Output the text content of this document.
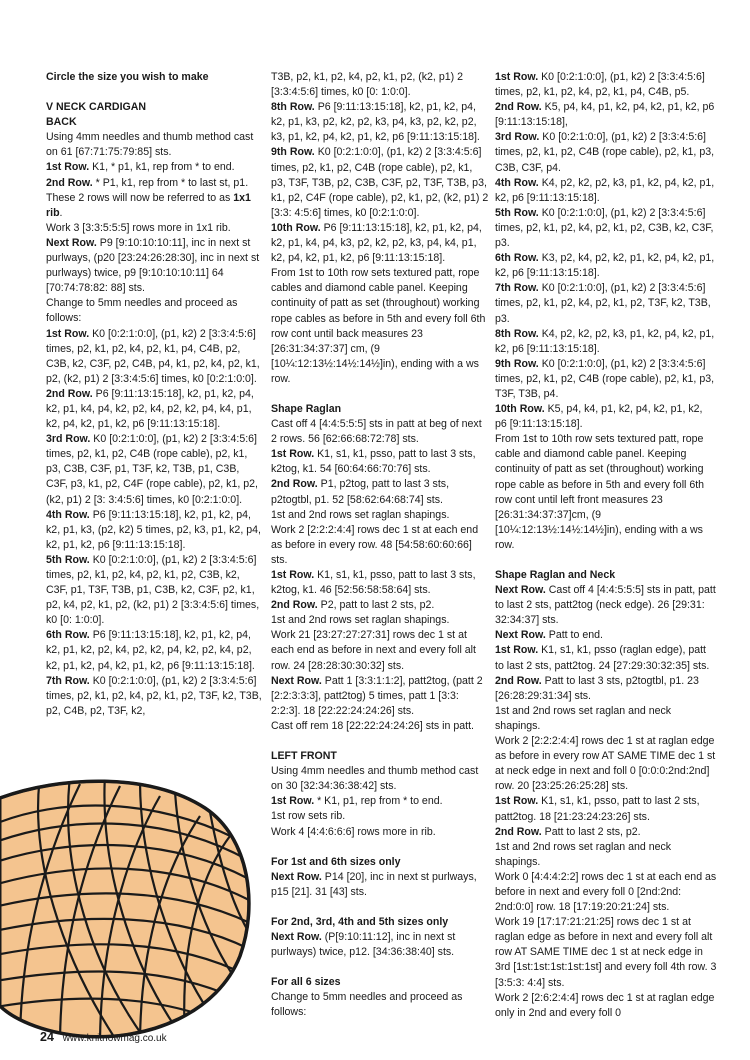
Circle the size you wish to make

V NECK CARDIGAN

BACK

Using 4mm needles and thumb method cast on 61 [67:71:75:79:85] sts.

1st Row. K1, * p1, k1, rep from * to end.

2nd Row. * P1, k1, rep from * to last st, p1.

These 2 rows will now be referred to as 1x1 rib.

Work 3 [3:3:5:5:5] rows more in 1x1 rib.

Next Row. P9 [9:10:10:10:11], inc in next st purlways, (p20 [23:24:26:28:30], inc in next st purlways) twice, p9 [9:10:10:10:11] 64 [70:74:78:82: 88] sts.

Change to 5mm needles and proceed as follows:

1st Row. K0 [0:2:1:0:0], (p1, k2) 2 [3:3:4:5:6] times, p2, k1, p2, k4, p2, k1, p4, C4B, p2, C3B, k2, C3F, p2, C4B, p4, k1, p2, k4, p2, k1, p2, (k2, p1) 2 [3:3:4:5:6] times, k0 [0:2:1:0:0].

2nd Row. P6 [9:11:13:15:18], k2, p1, k2, p4, k2, p1, k4, p4, k2, p2, k4, p2, k2, p4, k4, p1, k2, p4, k2, p1, k2, p6 [9:11:13:15:18].

3rd Row. K0 [0:2:1:0:0], (p1, k2) 2 [3:3:4:5:6] times, p2, k1, p2, C4B (rope cable), p2, k1, p3, C3B, C3F, p1, T3F, k2, T3B, p1, C3B, C3F, p3, k1, p2, C4F (rope cable), p2, k1, p2, (k2, p1) 2 [3: 3:4:5:6] times, k0 [0:2:1:0:0].

4th Row. P6 [9:11:13:15:18], k2, p1, k2, p4, k2, p1, k3, (p2, k2) 5 times, p2, k3, p1, k2, p4, k2, p1, k2, p6 [9:11:13:15:18].

5th Row. K0 [0:2:1:0:0], (p1, k2) 2 [3:3:4:5:6] times, p2, k1, p2, k4, p2, k1, p2, C3B, k2, C3F, p1, T3F, T3B, p1, C3B, k2, C3F, p2, k1, p2, k4, p2, k1, p2, (k2, p1) 2 [3:3:4:5:6] times, k0 [0: 1:0:0].

6th Row. P6 [9:11:13:15:18], k2, p1, k2, p4, k2, p1, k2, p2, k4, p2, k2, p4, k2, p2, k4, p2, k2, p1, k2, p4, k2, p1, k2, p6 [9:11:13:15:18].

7th Row. K0 [0:2:1:0:0], (p1, k2) 2 [3:3:4:5:6] times, p2, k1, p2, k4, p2, k1, p2, T3F, k2, T3B, p2, C4B, p2, T3F, k2,

T3B, p2, k1, p2, k4, p2, k1, p2, (k2, p1) 2 [3:3:4:5:6] times, k0 [0: 1:0:0].

8th Row. P6 [9:11:13:15:18], k2, p1, k2, p4, k2, p1, k3, p2, k2, p2, k3, p4, k3, p2, k2, p2, k3, p1, k2, p4, k2, p1, k2, p6 [9:11:13:15:18].

9th Row. K0 [0:2:1:0:0], (p1, k2) 2 [3:3:4:5:6] times, p2, k1, p2, C4B (rope cable), p2, k1, p3, T3F, T3B, p2, C3B, C3F, p2, T3F, T3B, p3, k1, p2, C4F (rope cable), p2, k1, p2, (k2, p1) 2 [3:3: 4:5:6] times, k0 [0:2:1:0:0].

10th Row. P6 [9:11:13:15:18], k2, p1, k2, p4, k2, p1, k4, p4, k3, p2, k2, p2, k3, p4, k4, p1, k2, p4, k2, p1, k2, p6 [9:11:13:15:18].

From 1st to 10th row sets textured patt, rope cables and diamond cable panel. Keeping continuity of patt as set (throughout) working rope cables as before in 5th and every foll 6th row cont until back measures 23 [26:31:34:37:37] cm, (9 [10¼:12:13½:14½:14½]in), ending with a ws row.

Shape Raglan

Cast off 4 [4:4:5:5:5] sts in patt at beg of next 2 rows. 56 [62:66:68:72:78] sts.

1st Row. K1, s1, k1, psso, patt to last 3 sts, k2tog, k1. 54 [60:64:66:70:76] sts.

2nd Row. P1, p2tog, patt to last 3 sts, p2togtbl, p1. 52 [58:62:64:68:74] sts.

1st and 2nd rows set raglan shapings.

Work 2 [2:2:2:4:4] rows dec 1 st at each end as before in every row. 48 [54:58:60:60:66] sts.

1st Row. K1, s1, k1, psso, patt to last 3 sts, k2tog, k1. 46 [52:56:58:58:64] sts.

2nd Row. P2, patt to last 2 sts, p2.

1st and 2nd rows set raglan shapings.

Work 21 [23:27:27:27:31] rows dec 1 st at each end as before in next and every foll alt row. 24 [28:28:30:30:32] sts.

Next Row. Patt 1 [3:3:1:1:2], patt2tog, (patt 2 [2:2:3:3:3], patt2tog) 5 times, patt 1 [3:3: 2:2:3]. 18 [22:22:24:24:26] sts.

Cast off rem 18 [22:22:24:24:26] sts in patt.

LEFT FRONT

Using 4mm needles and thumb method cast on 30 [32:34:36:38:42] sts.

1st Row. * K1, p1, rep from * to end.

1st row sets rib.

Work 4 [4:4:6:6:6] rows more in rib.

For 1st and 6th sizes only

Next Row. P14 [20], inc in next st purlways, p15 [21]. 31 [43] sts.

For 2nd, 3rd, 4th and 5th sizes only

Next Row. (P[9:10:11:12], inc in next st purlways) twice, p12. [34:36:38:40] sts.

For all 6 sizes

Change to 5mm needles and proceed as follows:

1st Row. K0 [0:2:1:0:0], (p1, k2) 2 [3:3:4:5:6] times, p2, k1, p2, k4, p2, k1, p4, C4B, p5.

2nd Row. K5, p4, k4, p1, k2, p4, k2, p1, k2, p6 [9:11:13:15:18],

3rd Row. K0 [0:2:1:0:0], (p1, k2) 2 [3:3:4:5:6] times, p2, k1, p2, C4B (rope cable), p2, k1, p3, C3B, C3F, p4.

4th Row. K4, p2, k2, p2, k3, p1, k2, p4, k2, p1, k2, p6 [9:11:13:15:18].

5th Row. K0 [0:2:1:0:0], (p1, k2) 2 [3:3:4:5:6] times, p2, k1, p2, k4, p2, k1, p2, C3B, k2, C3F, p3.

6th Row. K3, p2, k4, p2, k2, p1, k2, p4, k2, p1, k2, p6 [9:11:13:15:18].

7th Row. K0 [0:2:1:0:0], (p1, k2) 2 [3:3:4:5:6] times, p2, k1, p2, k4, p2, k1, p2, T3F, k2, T3B, p3.

8th Row. K4, p2, k2, p2, k3, p1, k2, p4, k2, p1, k2, p6 [9:11:13:15:18].

9th Row. K0 [0:2:1:0:0], (p1, k2) 2 [3:3:4:5:6] times, p2, k1, p2, C4B (rope cable), p2, k1, p3, T3F, T3B, p4.

10th Row. K5, p4, k4, p1, k2, p4, k2, p1, k2, p6 [9:11:13:15:18].

From 1st to 10th row sets textured patt, rope cable and diamond cable panel. Keeping continuity of patt as set (throughout) working rope cable as before in 5th and every foll 6th row cont until left front measures 23 [26:31:34:37:37]cm, (9 [10¼:12:13½:14½:14½]in), ending with a ws row.

Shape Raglan and Neck

Next Row. Cast off 4 [4:4:5:5:5] sts in patt, patt to last 2 sts, patt2tog (neck edge). 26 [29:31: 32:34:37] sts.

Next Row. Patt to end.

1st Row. K1, s1, k1, psso (raglan edge), patt to last 2 sts, patt2tog. 24 [27:29:30:32:35] sts.

2nd Row. Patt to last 3 sts, p2togtbl, p1. 23 [26:28:29:31:34] sts.

1st and 2nd rows set raglan and neck shapings.

Work 2 [2:2:2:4:4] rows dec 1 st at raglan edge as before in every row AT SAME TIME dec 1 st at neck edge in next and foll 0 [0:0:0:2nd:2nd] row. 20 [23:25:26:25:28] sts.

1st Row. K1, s1, k1, psso, patt to last 2 sts, patt2tog. 18 [21:23:24:23:26] sts.

2nd Row. Patt to last 2 sts, p2.

1st and 2nd rows set raglan and neck shapings.

Work 0 [4:4:4:2:2] rows dec 1 st at each end as before in next and every foll 0 [2nd:2nd: 2nd:0:0] row. 18 [17:19:20:21:24] sts.

Work 19 [17:17:21:21:25] rows dec 1 st at raglan edge as before in next and every foll alt row AT SAME TIME dec 1 st at neck edge in 3rd [1st:1st:1st:1st:1st] and every foll 4th row. 3 [3:5:3: 4:4] sts.

Work 2 [2:6:2:4:4] rows dec 1 st at raglan edge only in 2nd and every foll 0

24 www.knitnowmag.co.uk
